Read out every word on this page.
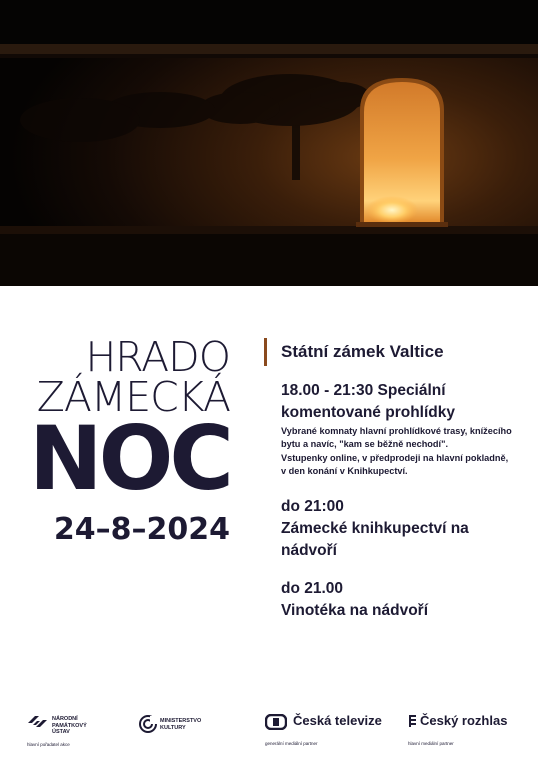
HRADO
ZÁMECKÁ
NOC
24–8–2024
Státní zámek Valtice
18.00 - 21:30 Speciální
komentované prohlídky
Vybrané komnaty hlavní prohlídkové trasy, knížecího bytu a navíc, "kam se běžně nechodí".
Vstupenky online, v předprodeji na hlavní pokladně, v den konání v Knihkupectví.
do 21:00
Zámecké knihkupectví na nádvoří
do 21.00
Vinotéka na nádvoří
NÁRODNÍ PAMÁTKOVÝ ÚSTAV
hlavní pořadatel akce
MINISTERSTVO KULTURY	Česká televize
generální mediální partner
Český rozhlas
hlavní mediální partner
